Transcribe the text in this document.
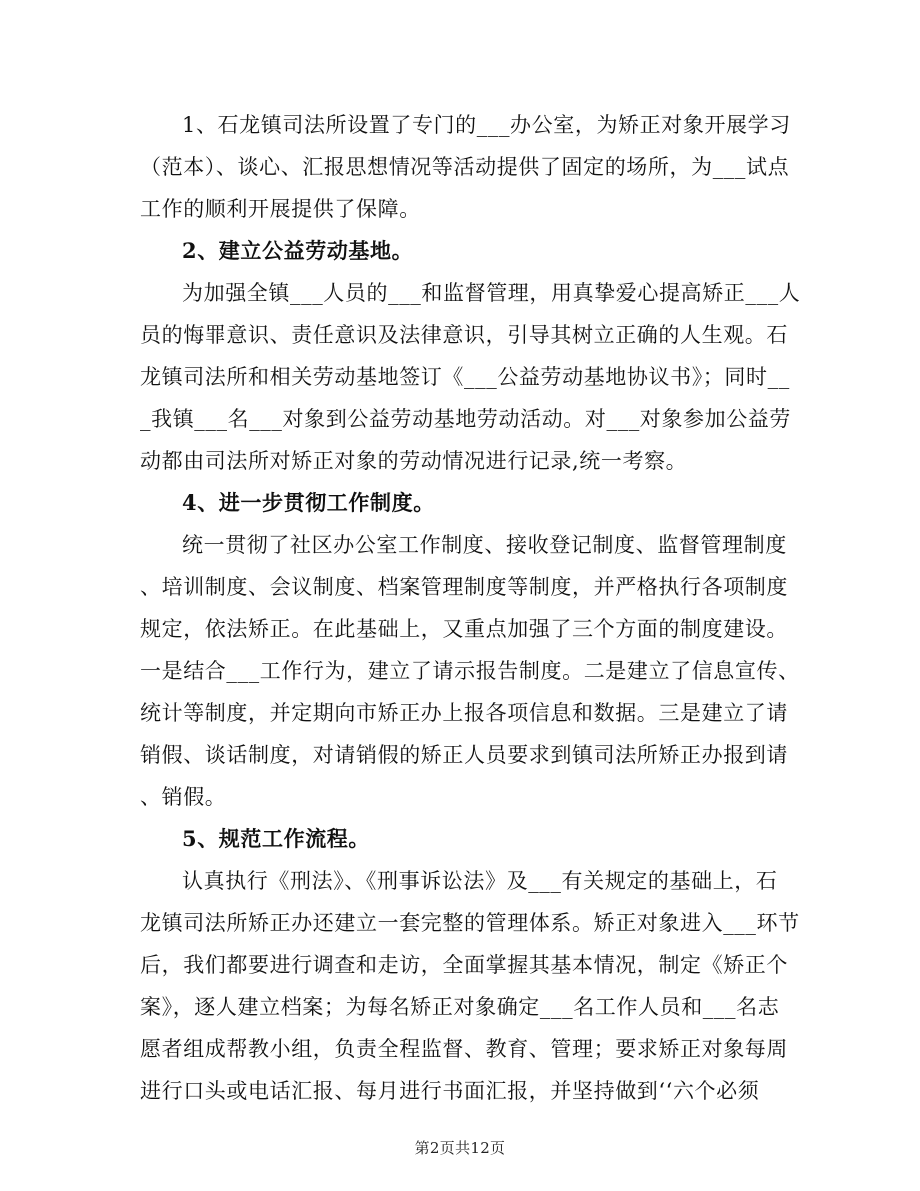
1、石龙镇司法所设置了专门的___办公室，为矫正对象开展学习
（范本）、谈心、汇报思想情况等活动提供了固定的场所，为___试点
工作的顺利开展提供了保障。
2、建立公益劳动基地。
为加强全镇___人员的___和监督管理，用真挚爱心提高矫正___人
员的悔罪意识、责任意识及法律意识，引导其树立正确的人生观。石
龙镇司法所和相关劳动基地签订《___公益劳动基地协议书》；同时__
_我镇___名___对象到公益劳动基地劳动活动。对___对象参加公益劳
动都由司法所对矫正对象的劳动情况进行记录,统一考察。
4、进一步贯彻工作制度。
统一贯彻了社区办公室工作制度、接收登记制度、监督管理制度
、培训制度、会议制度、档案管理制度等制度，并严格执行各项制度
规定，依法矫正。在此基础上，又重点加强了三个方面的制度建设。
一是结合___工作行为，建立了请示报告制度。二是建立了信息宣传、
统计等制度，并定期向市矫正办上报各项信息和数据。三是建立了请
销假、谈话制度，对请销假的矫正人员要求到镇司法所矫正办报到请
、销假。
5、规范工作流程。
认真执行《刑法》、《刑事诉讼法》及___有关规定的基础上，石
龙镇司法所矫正办还建立一套完整的管理体系。矫正对象进入___环节
后，我们都要进行调查和走访，全面掌握其基本情况，制定《矫正个
案》，逐人建立档案；为每名矫正对象确定___名工作人员和___名志
愿者组成帮教小组，负责全程监督、教育、管理；要求矫正对象每周
进行口头或电话汇报、每月进行书面汇报，并坚持做到‘‘六个必须
第2页共12页
